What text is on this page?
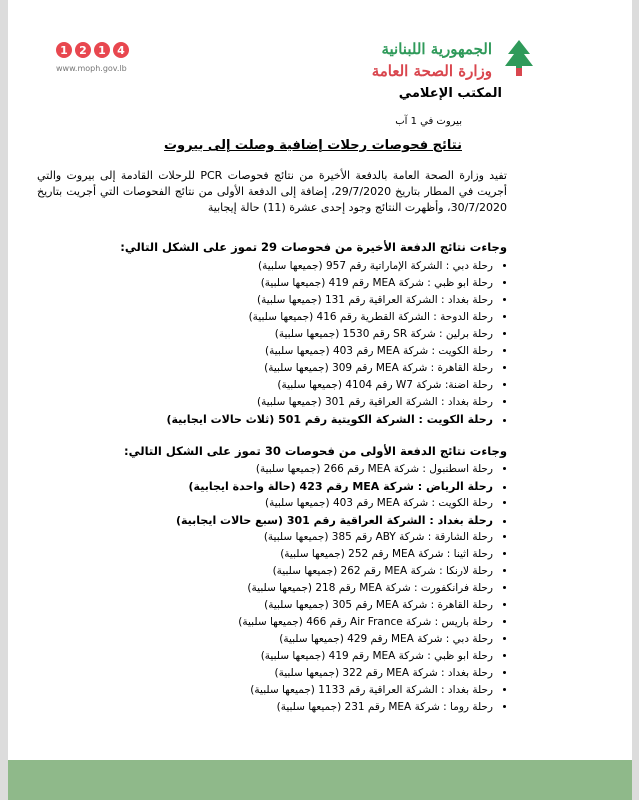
1	2	1	4
www.moph.gov.lb
الجمهورية اللبنانية
وزارة الصحة العامة
المكتب الإعلامي
بيروت في 1 آب
نتائج فحوصات رحلات إضافية وصلت إلى بيروت
تفيد وزارة الصحة العامة بالدفعة الأخيرة من نتائج فحوصات PCR للرحلات القادمة إلى بيروت والتي أجريت في المطار بتاريخ 29/7/2020، إضافة إلى الدفعة الأولى من نتائج الفحوصات التي أجريت بتاريخ 30/7/2020، وأظهرت النتائج وجود إحدى عشرة (11) حالة إيجابية
وجاءت نتائج الدفعة الأخيرة من فحوصات 29 تموز على الشكل التالي:
• رحلة دبي : الشركة الإماراتية رقم 957 (جميعها سلبية)
• رحلة ابو ظبي : شركة MEA رقم 419 (جميعها سلبية)
• رحلة بغداد : الشركة العراقية رقم 131 (جميعها سلبية)
• رحلة الدوحة : الشركة القطرية رقم 416 (جميعها سلبية)
• رحلة برلين : شركة SR رقم 1530 (جميعها سلبية)
• رحلة الكويت : شركة MEA رقم 403 (جميعها سلبية)
• رحلة القاهرة : شركة MEA رقم 309 (جميعها سلبية)
• رحلة اضنة: شركة W7 رقم 4104 (جميعها سلبية)
• رحلة بغداد : الشركة العراقية رقم 301 (جميعها سلبية)
• رحلة الكويت : الشركة الكويتية رقم 501 (ثلاث حالات ايجابية)
وجاءت نتائج الدفعة الأولى من فحوصات 30 تموز على الشكل التالي:
• رحلة اسطنبول : شركة MEA رقم 266 (جميعها سلبية)
• رحلة الرياض : شركة MEA رقم 423 (حالة واحدة ايجابية)
• رحلة الكويت : شركة MEA رقم 403 (جميعها سلبية)
• رحلة بغداد : الشركة العراقية رقم 301 (سبع حالات ايجابية)
• رحلة الشارقة : شركة ABY رقم 385 (جميعها سلبية)
• رحلة اثينا : شركة MEA رقم 252 (جميعها سلبية)
• رحلة لارنكا : شركة MEA رقم 262 (جميعها سلبية)
• رحلة فرانكفورت : شركة MEA رقم 218 (جميعها سلبية)
• رحلة القاهرة : شركة MEA رقم 305 (جميعها سلبية)
• رحلة باريس : شركة Air France رقم 466 (جميعها سلبية)
• رحلة دبي : شركة MEA رقم 429 (جميعها سلبية)
• رحلة ابو ظبي : شركة MEA رقم 419 (جميعها سلبية)
• رحلة بغداد : شركة MEA رقم 322 (جميعها سلبية)
• رحلة بغداد : الشركة العراقية رقم 1133 (جميعها سلبية)
• رحلة روما : شركة MEA رقم 231 (جميعها سلبية)
